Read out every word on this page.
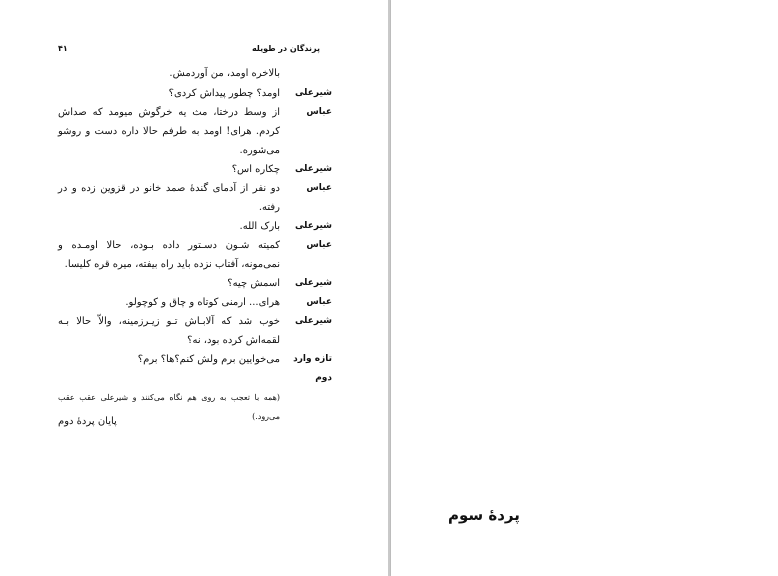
پرندگان در طویله
۴۱
بالاخره اومد، من آوردمش.
شیرعلی
اومد؟ چطور پیداش کردی؟
عباس
از وسط درختا، مث یه خرگوش میومد که صداش کردم. هرای! اومد به طرفم حالا داره دست و روشو می‌شوره.
شیرعلی
چکاره اس؟
عباس
دو نفر از آدمای گندهٔ صمد خانو در قزوین زده و در رفته.
شیرعلی
بارک الله.
عباس
کمیته شـون دسـتور داده بـوده، حالا اومـده و نمی‌مونه، آفتاب نزده باید راه بیفته، میره قره کلیسا.
شیرعلی
اسمش چیه؟
عباس
هرای... ارمنی کوتاه و چاق و کوچولو.
شیرعلی
خوب شد که آلابـاش تـو زیـرزمینه، والاّ حالا بـه لقمه‌اش کرده بود، نه؟
تازه وارد دوم
می‌خوایین برم ولش کنم؟ها؟ برم؟
(همه با تعجب به روی هم نگاه می‌کنند و شیرعلی عقب عقب می‌رود.)
پایان پردهٔ دوم
پردهٔ سوم
